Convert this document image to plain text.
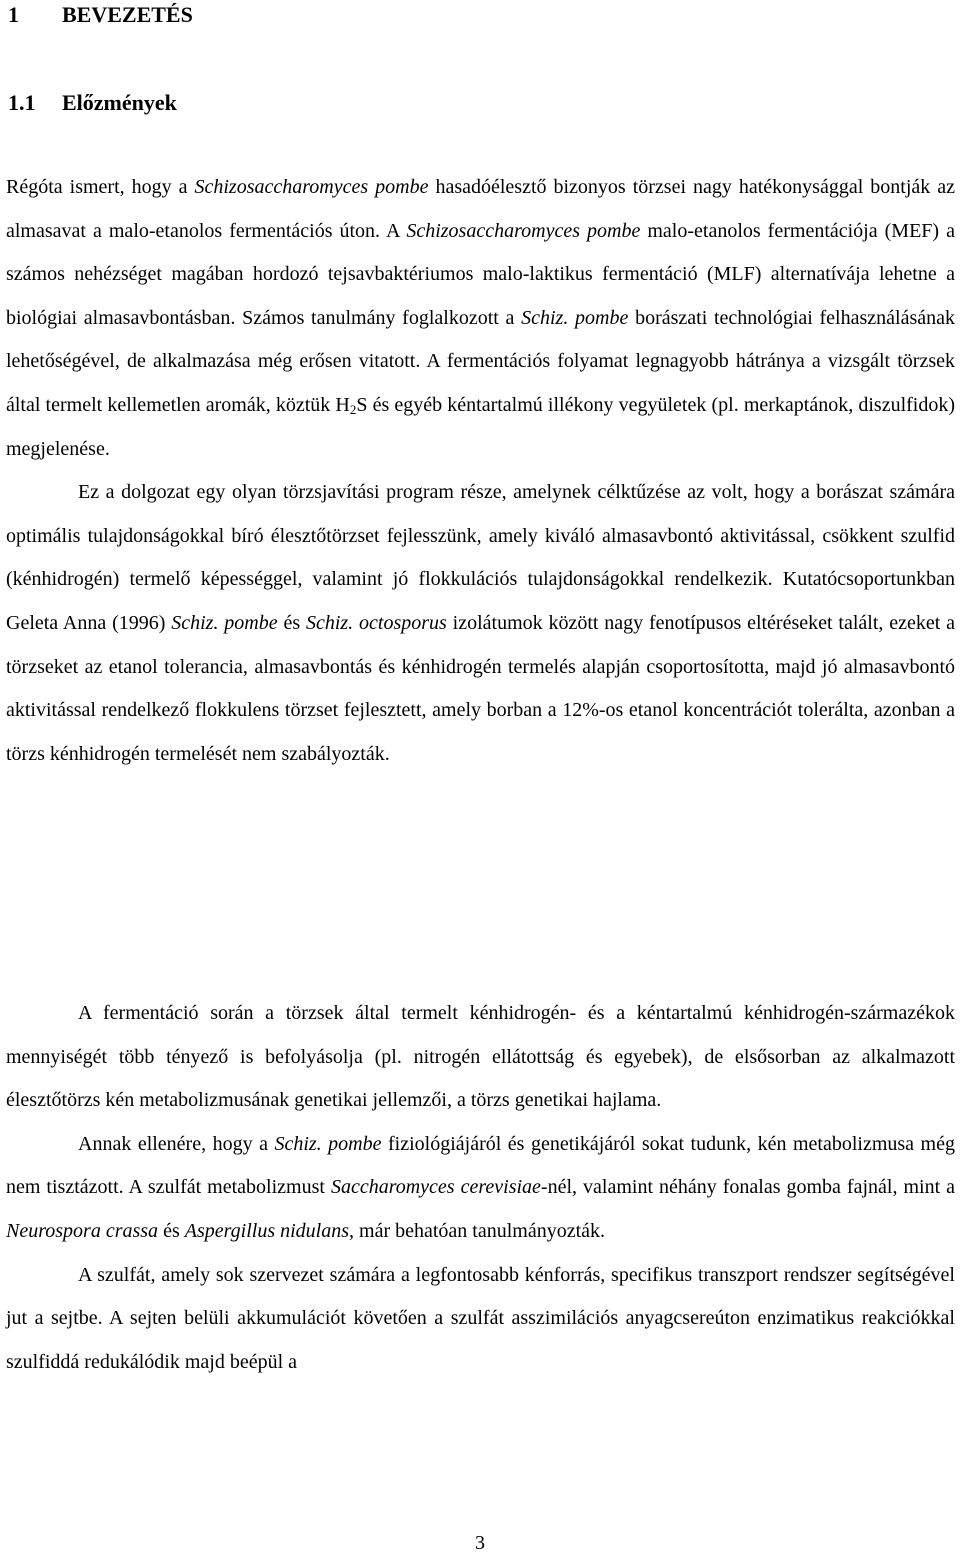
1 BEVEZETÉS
1.1 Előzmények

Régóta ismert, hogy a Schizosaccharomyces pombe hasadóélesztő bizonyos törzsei nagy hatékonysággal bontják az almasavat a malo-etanolos fermentációs úton. A Schizosaccharomyces pombe malo-etanolos fermentációja (MEF) a számos nehézséget magában hordozó tejsavbaktériumos malo-laktikus fermentáció (MLF) alternatívája lehetne a biológiai almasavbontásban. Számos tanulmány foglalkozott a Schiz. pombe borászati technológiai felhasználásának lehetőségével, de alkalmazása még erősen vitatott. A fermentációs folyamat legnagyobb hátránya a vizsgált törzsek által termelt kellemetlen aromák, köztük $H_2S$ és egyéb kéntartalmú illékony vegyületek (pl. merkaptánok, diszulfidok) megjelenése.

Ez a dolgozat egy olyan törzsjavítási program része, amelynek célktűzése az volt, hogy a borászat számára optimális tulajdonságokkal bíró élesztőtörzset fejlesszünk, amely kiváló almasavbontó aktivitással, csökkent szulfid (kénhidrogén) termelő képességgel, valamint jó flokkulációs tulajdonságokkal rendelkezik. Kutatócsoportunkban Geleta Anna (1996) Schiz. pombe és Schiz. octosporus izolátumok között nagy fenotípusos eltéréseket talált, ezeket a törzseket az etanol tolerancia, almasavbontás és kénhidrogén termelés alapján csoportosította, majd jó almasavbontó aktivitással rendelkező flokkulens törzset fejlesztett, amely borban a 12%-os etanol koncentrációt tolerálta, azonban a törzs kénhidrogén termelését nem szabályozták.

A fermentáció során a törzsek által termelt kénhidrogén- és a kéntartalmú kénhidrogén-származékok mennyiségét több tényező is befolyásolja (pl. nitrogén ellátottság és egyebek), de elsősorban az alkalmazott élesztőtörzs kén metabolizmusának genetikai jellemzői, a törzs genetikai hajlama.

Annak ellenére, hogy a Schiz. pombe fiziológiájáról és genetikájáról sokat tudunk, kén metabolizmusa még nem tisztázott. A szulfát metabolizmust Saccharomyces cerevisiae-nél, valamint néhány fonalas gomba fajnál, mint a Neurospora crassa és Aspergillus nidulans, már behatóan tanulmányozták.

A szulfát, amely sok szervezet számára a legfontosabb kénforrás, specifikus transzport rendszer segítségével jut a sejtbe. A sejten belüli akkumulációt követően a szulfát asszimilációs anyagcsereúton enzimatikus reakciókkal szulfiddá redukálódik majd beépül a

3
